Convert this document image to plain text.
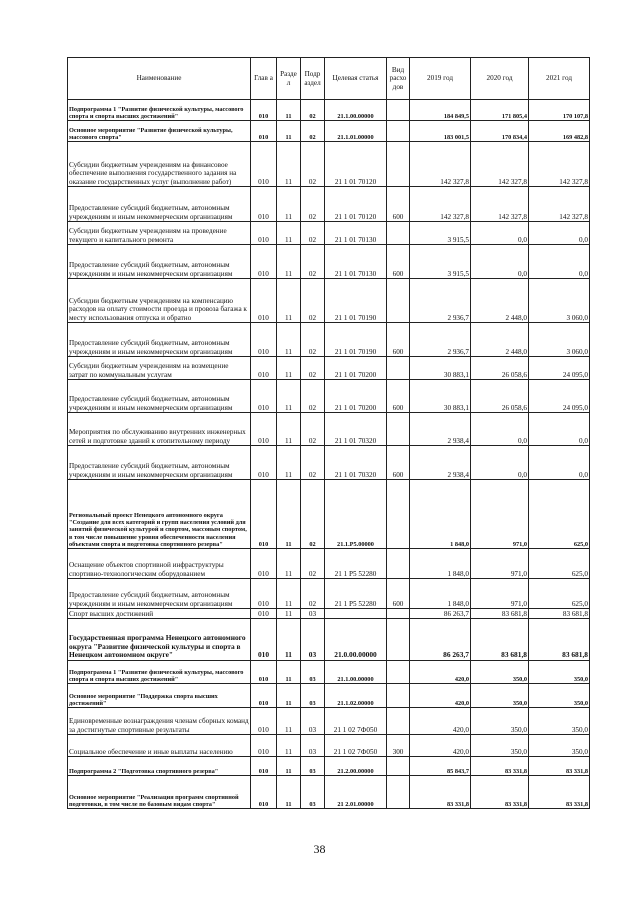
Наименование	Глав а	Разде л	Подр аздел	Целевая статья	Вид расхо дов	2019 год	2020 год	2021 год
Подпрограмма 1 "Развитие физической культуры, массового спорта и спорта высших достижений"	010	11	02	21.1.00.00000		184 849,5	171 805,4	170 107,8
Основное мероприятие "Развитие физической культуры, массового спорта"	010	11	02	21.1.01.00000		183 001,5	170 834,4	169 482,8
Субсидии бюджетным учреждениям на финансовое обеспечение выполнения государственного задания на оказание государственных услуг (выполнение работ)	010	11	02	21 1 01 70120		142 327,8	142 327,8	142 327,8
Предоставление субсидий бюджетным, автономным учреждениям и иным некоммерческим организациям	010	11	02	21 1 01 70120	600	142 327,8	142 327,8	142 327,8
Субсидии бюджетным учреждениям на проведение текущего и капитального ремонта	010	11	02	21 1 01 70130		3 915,5	0,0	0,0
Предоставление субсидий бюджетным, автономным учреждениям и иным некоммерческим организациям	010	11	02	21 1 01 70130	600	3 915,5	0,0	0,0
Субсидии бюджетным учреждениям на компенсацию расходов на оплату стоимости проезда и провоза багажа к месту использования отпуска и обратно	010	11	02	21 1 01 70190		2 936,7	2 448,0	3 060,0
Предоставление субсидий бюджетным, автономным учреждениям и иным некоммерческим организациям	010	11	02	21 1 01 70190	600	2 936,7	2 448,0	3 060,0
Субсидии бюджетным учреждениям на возмещение затрат по коммунальным услугам	010	11	02	21 1 01 70200		30 883,1	26 058,6	24 095,0
Предоставление субсидий бюджетным, автономным учреждениям и иным некоммерческим организациям	010	11	02	21 1 01 70200	600	30 883,1	26 058,6	24 095,0
Мероприятия по обслуживанию внутренних инженерных сетей и подготовке зданий к отопительному периоду	010	11	02	21 1 01 70320		2 938,4	0,0	0,0
Предоставление субсидий бюджетным, автономным учреждениям и иным некоммерческим организациям	010	11	02	21 1 01 70320	600	2 938,4	0,0	0,0
Региональный проект Ненецкого автономного округа "Создание для всех категорий и групп населения условий для занятий физической культурой и спортом, массовым спортом, в том числе повышение уровня обеспеченности населения объектами спорта и подготовка спортивного резерва"	010	11	02	21.1.P5.00000		1 848,0	971,0	625,0
Оснащение объектов спортивной инфраструктуры спортивно-технологическим оборудованием	010	11	02	21 1 P5 52280		1 848,0	971,0	625,0
Предоставление субсидий бюджетным, автономным учреждениям и иным некоммерческим организациям	010	11	02	21 1 P5 52280	600	1 848,0	971,0	625,0
Спорт высших достижений	010	11	03			86 263,7	83 681,8	83 681,8
Государственная программа Ненецкого автономного округа "Развитие физической культуры и спорта в Ненецком автономном округе"	010	11	03	21.0.00.00000		86 263,7	83 681,8	83 681,8
Подпрограмма 1 "Развитие физической культуры, массового спорта и спорта высших достижений"	010	11	03	21.1.00.00000		420,0	350,0	350,0
Основное мероприятие "Поддержка спорта высших достижений"	010	11	03	21.1.02.00000		420,0	350,0	350,0
Единовременные вознаграждения членам сборных команд за достигнутые спортивные результаты	010	11	03	21 1 02 7Ф050		420,0	350,0	350,0
Социальное обеспечение и иные выплаты населению	010	11	03	21 1 02 7Ф050	300	420,0	350,0	350,0
Подпрограмма 2 "Подготовка спортивного резерва"	010	11	03	21.2.00.00000		85 843,7	83 331,8	83 331,8
Основное мероприятие "Реализация программ спортивной подготовки, в том числе по базовым видам спорта"	010	11	03	21 2.01.00000		83 331,8	83 331,8	83 331,8
38
